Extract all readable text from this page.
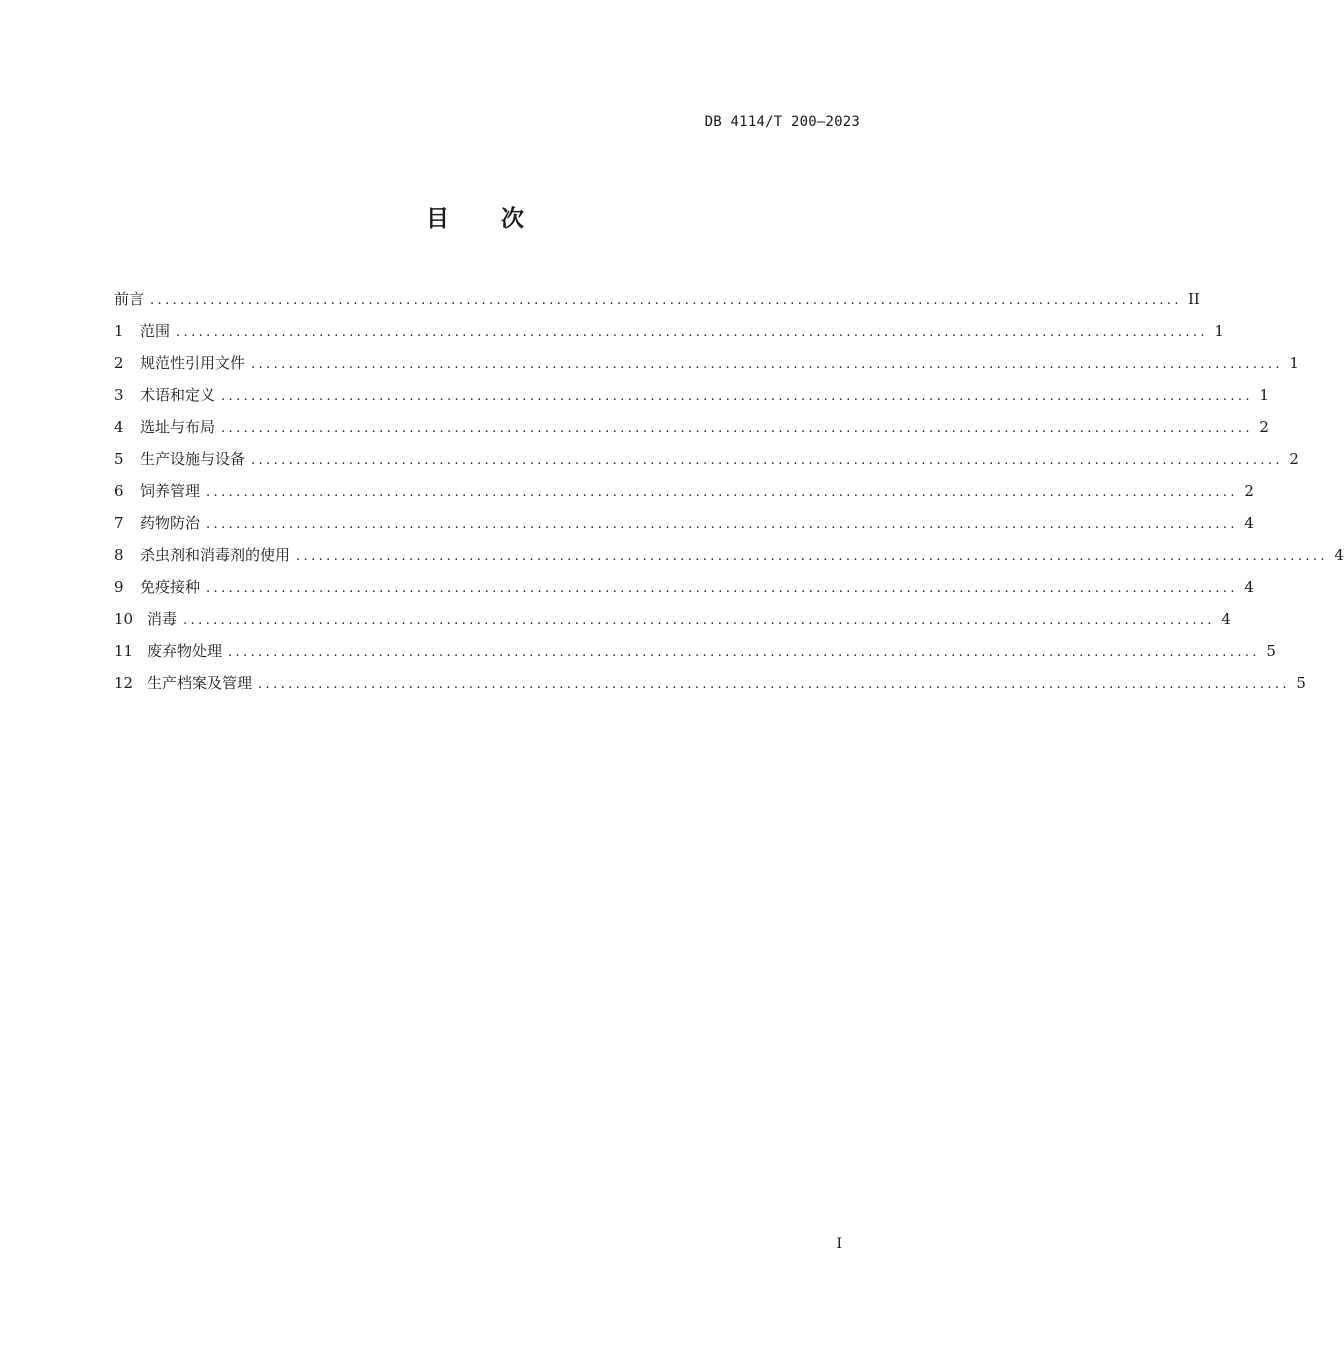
DB 4114/T 200—2023
目 次
前言 ......................................................................................................................................... II
1	范围 ......................................................................................................................................... 1
2	规范性引用文件 ......................................................................................................................................... 1
3	术语和定义 ......................................................................................................................................... 1
4	选址与布局 ......................................................................................................................................... 2
5	生产设施与设备 ......................................................................................................................................... 2
6	饲养管理 ......................................................................................................................................... 2
7	药物防治 ......................................................................................................................................... 4
8	杀虫剂和消毒剂的使用 ......................................................................................................................................... 4
9	免疫接种 ......................................................................................................................................... 4
10 消毒 ......................................................................................................................................... 4
11 废弃物处理 ......................................................................................................................................... 5
12 生产档案及管理 ......................................................................................................................................... 5
I
